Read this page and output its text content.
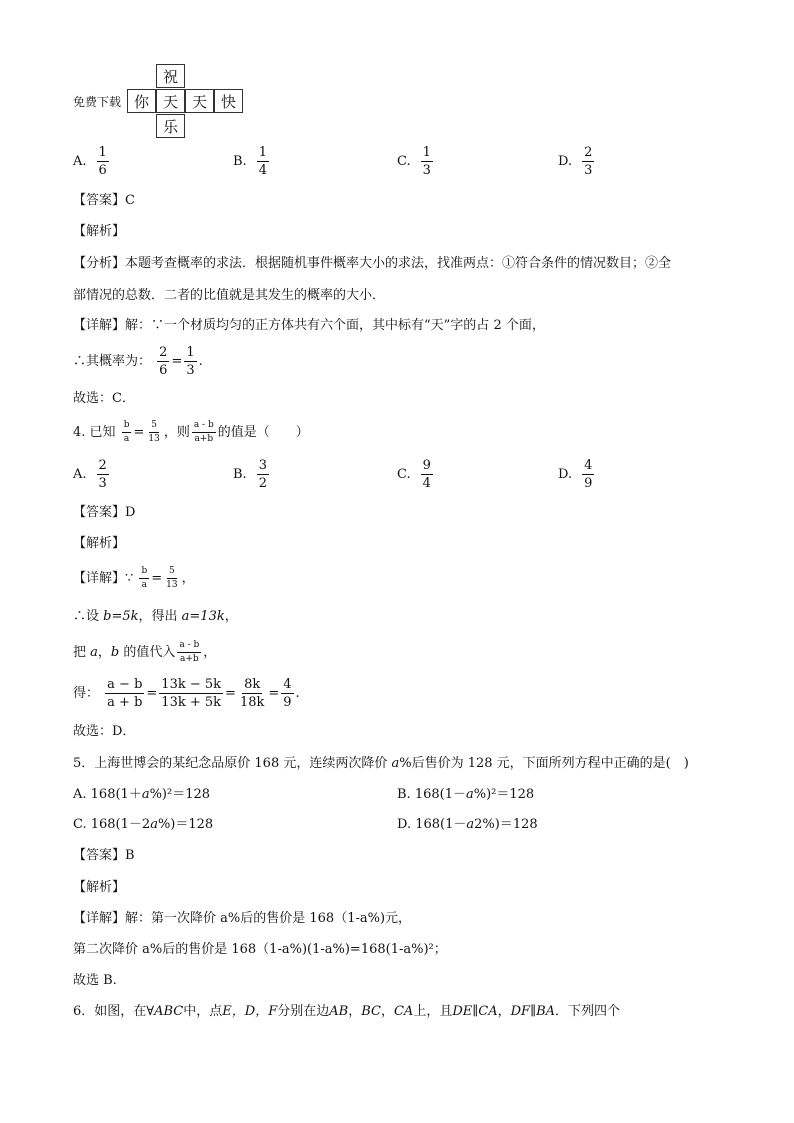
免费下载
祝
你 天 天 快
乐
A. $\frac{1}{6}$	B. $\frac{1}{4}$	C. $\frac{1}{3}$	D. $\frac{2}{3}$
【答案】C
【解析】
【分析】本题考查概率的求法．根据随机事件概率大小的求法，找准两点：①符合条件的情况数目；②全
部情况的总数．二者的比值就是其发生的概率的大小．
【详解】解：∵一个材质均匀的正方体共有六个面，其中标有“天”字的占 2 个面，
∴其概率为： $\frac{2}{6} = \frac{1}{3}$ .
故选：C．
4. 已知 $\frac{b}{a} = \frac{5}{13}$ ，则 $\frac{a - b}{a+b}$ 的值是（　　）
A. $\frac{2}{3}$	B. $\frac{3}{2}$	C. $\frac{9}{4}$	D. $\frac{4}{9}$
【答案】D
【解析】
【详解】∵ $\frac{b}{a} = \frac{5}{13}$ ，
∴设 b=5k，得出 a=13k，
把 a，b 的值代入 $\frac{a - b}{a+b}$ ，
得： $\frac{a - b}{a + b} = \frac{13k - 5k}{13k + 5k} = \frac{8k}{18k} = \frac{4}{9}$ .
故选：D．
5．上海世博会的某纪念品原价 168 元，连续两次降价 a%后售价为 128 元，下面所列方程中正确的是(　)
A. 168(1＋a%)²＝128	B. 168(1－a%)²＝128
C. 168(1－2a%)＝128	D. 168(1－a2%)＝128
【答案】B
【解析】
【详解】解：第一次降价 a%后的售价是 168（1-a%)元，
第二次降价 a%后的售价是 168（1-a%)(1-a%)=168(1-a%)²；
故选 B.
6．如图，在∀ABC中，点E，D，F分别在边AB，BC，CA上，且DE∥CA，DF∥BA．下列四个
